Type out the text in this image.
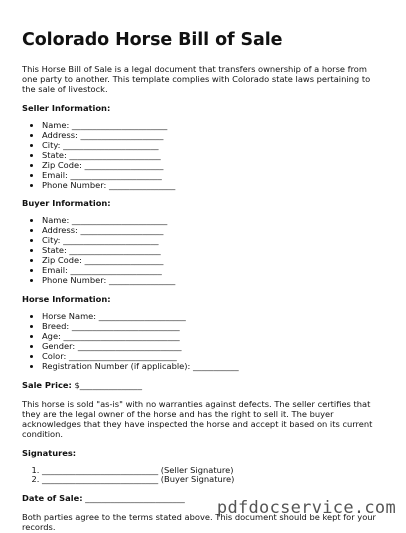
Colorado Horse Bill of Sale

This Horse Bill of Sale is a legal document that transfers ownership of a horse from one party to another. This template complies with Colorado state laws pertaining to the sale of livestock.

Seller Information:
• Name: _______________________
• Address: ____________________
• City: _______________________
• State: ______________________
• Zip Code: ___________________
• Email: ______________________
• Phone Number: ________________
Buyer Information:
• Name: _______________________
• Address: ____________________
• City: _______________________
• State: ______________________
• Zip Code: ___________________
• Email: ______________________
• Phone Number: ________________
Horse Information:
• Horse Name: _____________________
• Breed: __________________________
• Age: ____________________________
• Gender: _________________________
• Color: __________________________
• Registration Number (if applicable): ___________

Sale Price: $_______________

This horse is sold "as-is" with no warranties against defects. The seller certifies that they are the legal owner of the horse and has the right to sell it. The buyer acknowledges that they have inspected the horse and accept it based on its current condition.

Signatures:
1. ____________________________ (Seller Signature)
2. ____________________________ (Buyer Signature)

Date of Sale: ________________________

Both parties agree to the terms stated above. This document should be kept for your records.

pdfdocservice.com
